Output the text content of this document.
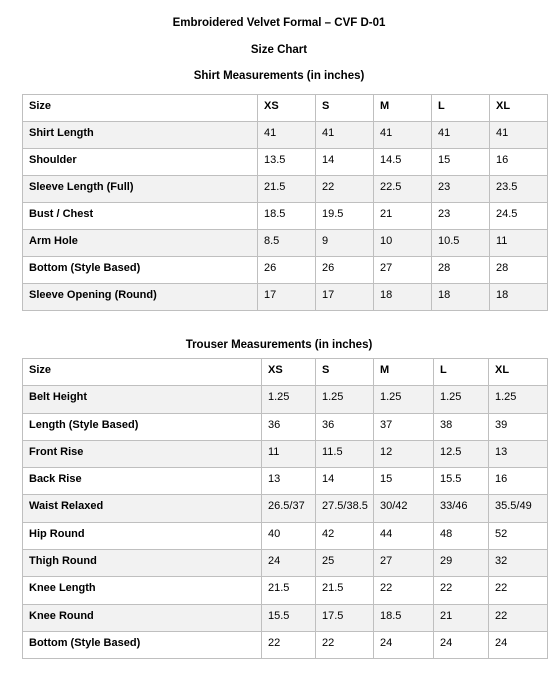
Embroidered Velvet Formal – CVF D-01
Size Chart
Shirt Measurements (in inches)
Size	XS	S	M	L	XL
Shirt Length	41	41	41	41	41
Shoulder	13.5	14	14.5	15	16
Sleeve Length (Full)	21.5	22	22.5	23	23.5
Bust / Chest	18.5	19.5	21	23	24.5
Arm Hole	8.5	9	10	10.5	11
Bottom (Style Based)	26	26	27	28	28
Sleeve Opening (Round)	17	17	18	18	18
Trouser Measurements (in inches)
Size	XS	S	M	L	XL
Belt Height	1.25	1.25	1.25	1.25	1.25
Length (Style Based)	36	36	37	38	39
Front Rise	11	11.5	12	12.5	13
Back Rise	13	14	15	15.5	16
Waist Relaxed	26.5/37	27.5/38.5	30/42	33/46	35.5/49
Hip Round	40	42	44	48	52
Thigh Round	24	25	27	29	32
Knee Length	21.5	21.5	22	22	22
Knee Round	15.5	17.5	18.5	21	22
Bottom (Style Based)	22	22	24	24	24
